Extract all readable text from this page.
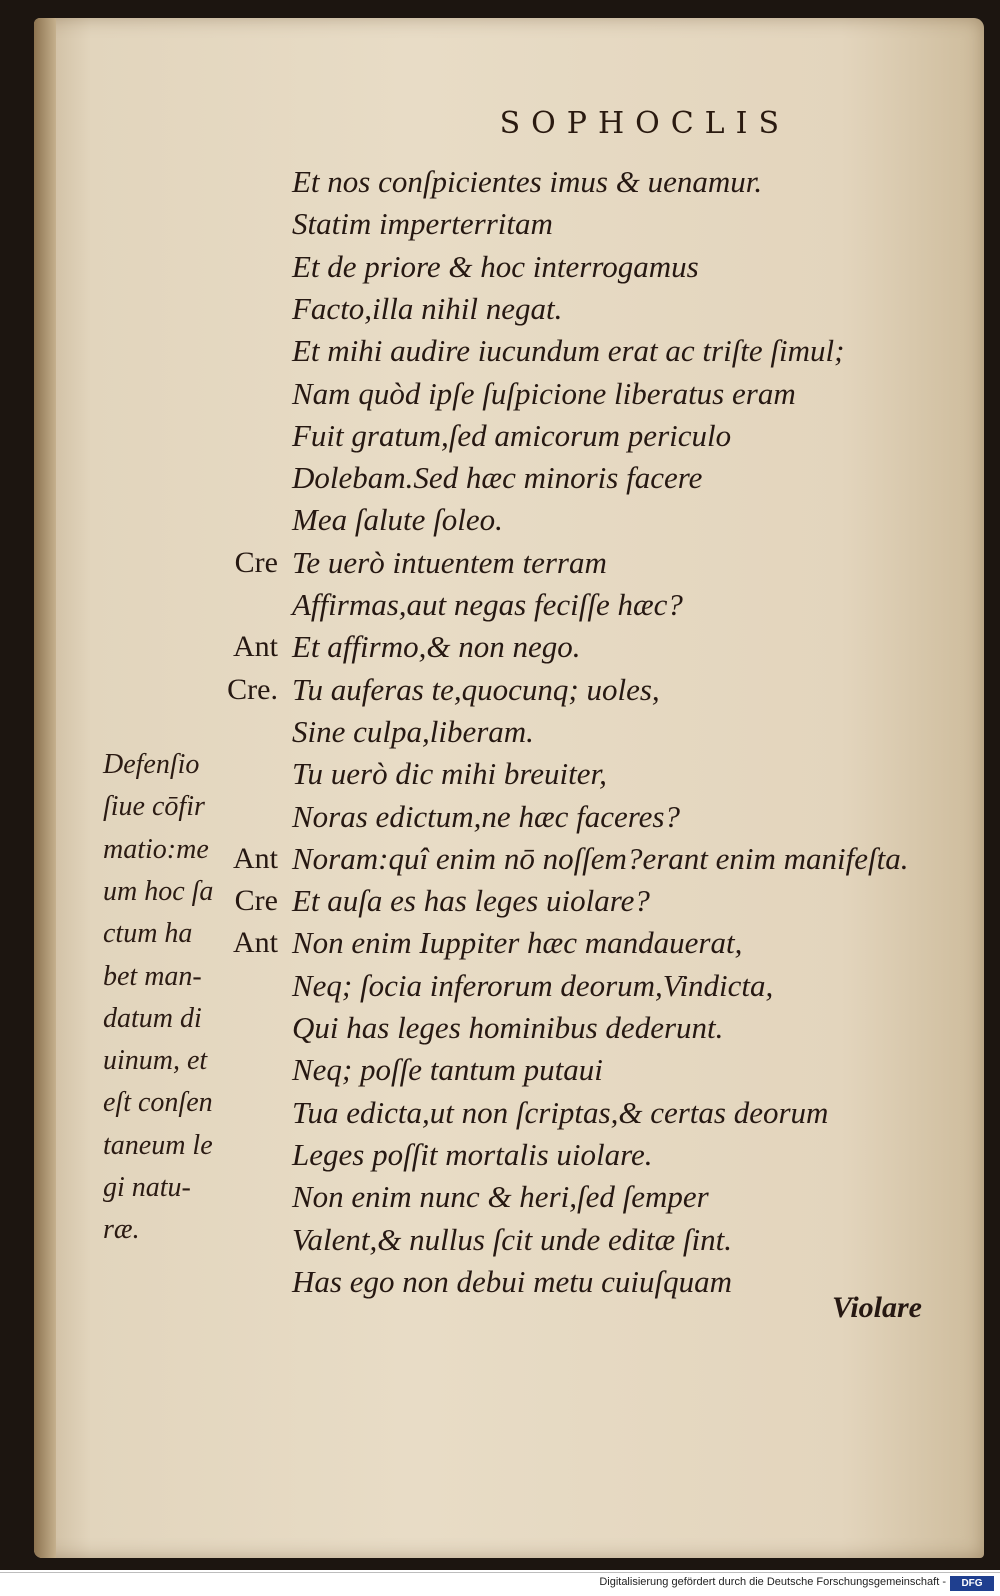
SOPHOCLIS
Et nos conſpicientes imus & uenamur.
Statim imperterritam
Et de priore & hoc interrogamus
Facto,illa nihil negat.
Et mihi audire iucundum erat ac triſte ſimul;
Nam quòd ipſe ſuſpicione liberatus eram
Fuit gratum,ſed amicorum periculo
Dolebam.Sed hæc minoris facere
Mea ſalute ſoleo.
Te uerò intuentem terram
Affirmas,aut negas feciſſe hæc?
Et affirmo,& non nego.
Tu auferas te,quocunq; uoles,
Sine culpa,liberam.
Tu uerò dic mihi breuiter,
Noras edictum,ne hæc faceres?
Noram:quî enim nō noſſem?erant enim manifeſta.
Et auſa es has leges uiolare?
Non enim Iuppiter hæc mandauerat,
Neq; ſocia inferorum deorum,Vindicta,
Qui has leges hominibus dederunt.
Neq; poſſe tantum putaui
Tua edicta,ut non ſcriptas,& certas deorum
Leges poſſit mortalis uiolare.
Non enim nunc & heri,ſed ſemper
Valent,& nullus ſcit unde editæ ſint.
Has ego non debui metu cuiuſquam
Cre
Ant
Cre.
Ant
Cre
Ant
Defenſio
ſiue cōfir
matio:me
um hoc ſa
ctum ha
bet man-
datum di
uinum, et
eſt conſen
taneum le
gi natu-
ræ.
Violare
Digitalisierung gefördert durch die Deutsche Forschungsgemeinschaft -	DFG
